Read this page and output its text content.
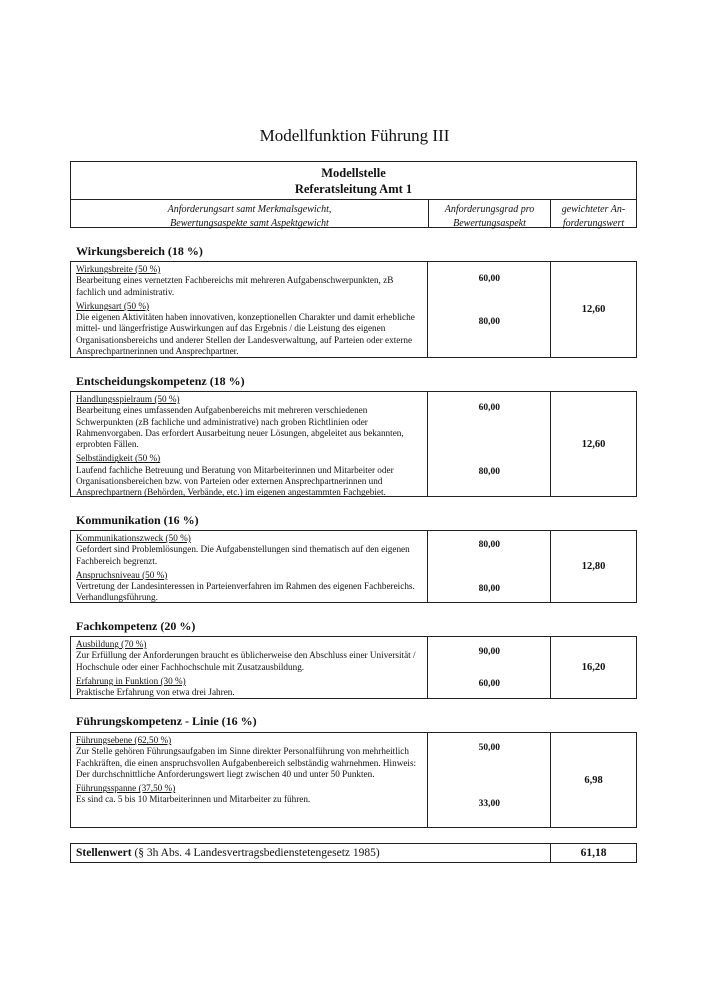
Modellfunktion Führung III
Modellstelle
Referatsleitung Amt 1
Anforderungsart samt Merkmalsgewicht,
Bewertungsaspekte samt Aspektgewicht
Anforderungsgrad pro
Bewertungsaspekt
gewichteter An-
forderungswert
Wirkungsbereich (18 %)
Wirkungsbreite (50 %)
Bearbeitung eines vernetzten Fachbereichs mit mehreren Aufgabenschwerpunkten, zB fachlich und administrativ.
Wirkungsart (50 %)
Die eigenen Aktivitäten haben innovativen, konzeptionellen Charakter und damit erhebliche mittel- und längerfristige Auswirkungen auf das Ergebnis / die Leistung des eigenen Organisationsbereichs und anderer Stellen der Landesverwaltung, auf Parteien oder externe Ansprechpartnerinnen und Ansprechpartner.
60,00
80,00
12,60
Entscheidungskompetenz (18 %)
Handlungsspielraum (50 %)
Bearbeitung eines umfassenden Aufgabenbereichs mit mehreren verschiedenen Schwerpunkten (zB fachliche und administrative) nach groben Richtlinien oder Rahmenvorgaben. Das erfordert Ausarbeitung neuer Lösungen, abgeleitet aus bekannten, erprobten Fällen.
Selbständigkeit (50 %)
Laufend fachliche Betreuung und Beratung von Mitarbeiterinnen und Mitarbeiter oder Organisationsbereichen bzw. von Parteien oder externen Ansprechpartnerinnen und Ansprechpartnern (Behörden, Verbände, etc.) im eigenen angestammten Fachgebiet.
60,00
80,00
12,60
Kommunikation (16 %)
Kommunikationszweck (50 %)
Gefordert sind Problemlösungen. Die Aufgabenstellungen sind thematisch auf den eigenen Fachbereich begrenzt.
Anspruchsniveau (50 %)
Vertretung der Landesinteressen in Parteienverfahren im Rahmen des eigenen Fachbereichs. Verhandlungsführung.
80,00
80,00
12,80
Fachkompetenz (20 %)
Ausbildung (70 %)
Zur Erfüllung der Anforderungen braucht es üblicherweise den Abschluss einer Universität / Hochschule oder einer Fachhochschule mit Zusatzausbildung.
Erfahrung in Funktion (30 %)
Praktische Erfahrung von etwa drei Jahren.
90,00
60,00
16,20
Führungskompetenz - Linie (16 %)
Führungsebene (62,50 %)
Zur Stelle gehören Führungsaufgaben im Sinne direkter Personalführung von mehrheitlich Fachkräften, die einen anspruchsvollen Aufgabenbereich selbständig wahrnehmen. Hinweis: Der durchschnittliche Anforderungswert liegt zwischen 40 und unter 50 Punkten.
Führungsspanne (37,50 %)
Es sind ca. 5 bis 10 Mitarbeiterinnen und Mitarbeiter zu führen.
50,00
33,00
6,98
Stellenwert (§ 3h Abs. 4 Landesvertragsbedienstetengesetz 1985)	61,18
